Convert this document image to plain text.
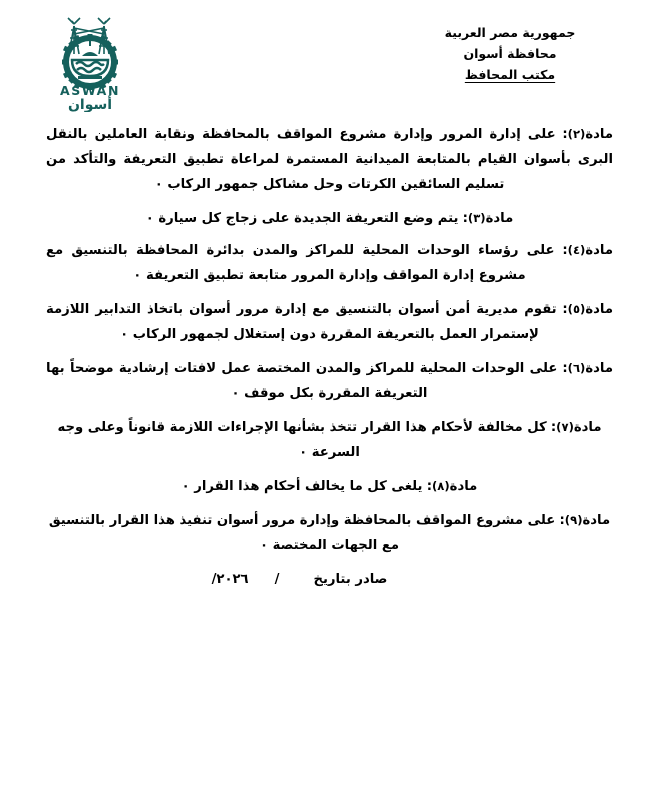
ASWAN
أسوان
جمهورية مصر العربية
محافظة أسوان
مكتب المحافظ

مادة(٢): على إدارة المرور وإدارة مشروع المواقف بالمحافظة ونقابة العاملين بالنقل البرى بأسوان القيام بالمتابعة الميدانية المستمرة لمراعاة تطبيق التعريفة والتأكد من تسليم السائقين الكرتات وحل مشاكل جمهور الركاب ٠

مادة(٣): يتم وضع التعريفة الجديدة على زجاج كل سيارة ٠

مادة(٤): على رؤساء الوحدات المحلية للمراكز والمدن بدائرة المحافظة بالتنسيق مع مشروع إدارة المواقف وإدارة المرور متابعة تطبيق التعريفة ٠

مادة(٥): تقوم مديرية أمن أسوان بالتنسيق مع إدارة مرور أسوان باتخاذ التدابير اللازمة لإستمرار العمل بالتعريفة المقررة دون إستغلال لجمهور الركاب ٠

مادة(٦): على الوحدات المحلية للمراكز والمدن المختصة عمل لافتات إرشادية موضحاً بها التعريفة المقررة بكل موقف ٠

مادة(٧): كل مخالفة لأحكام هذا القرار تتخذ بشأنها الإجراءات اللازمة قانوناً وعلى وجه السرعة ٠

مادة(٨): يلغى كل ما يخالف أحكام هذا القرار ٠

مادة(٩): على مشروع المواقف بالمحافظة وإدارة مرور أسوان تنفيذ هذا القرار بالتنسيق مع الجهات المختصة ٠

صادر بتاريخ/٢٠٢٦/
